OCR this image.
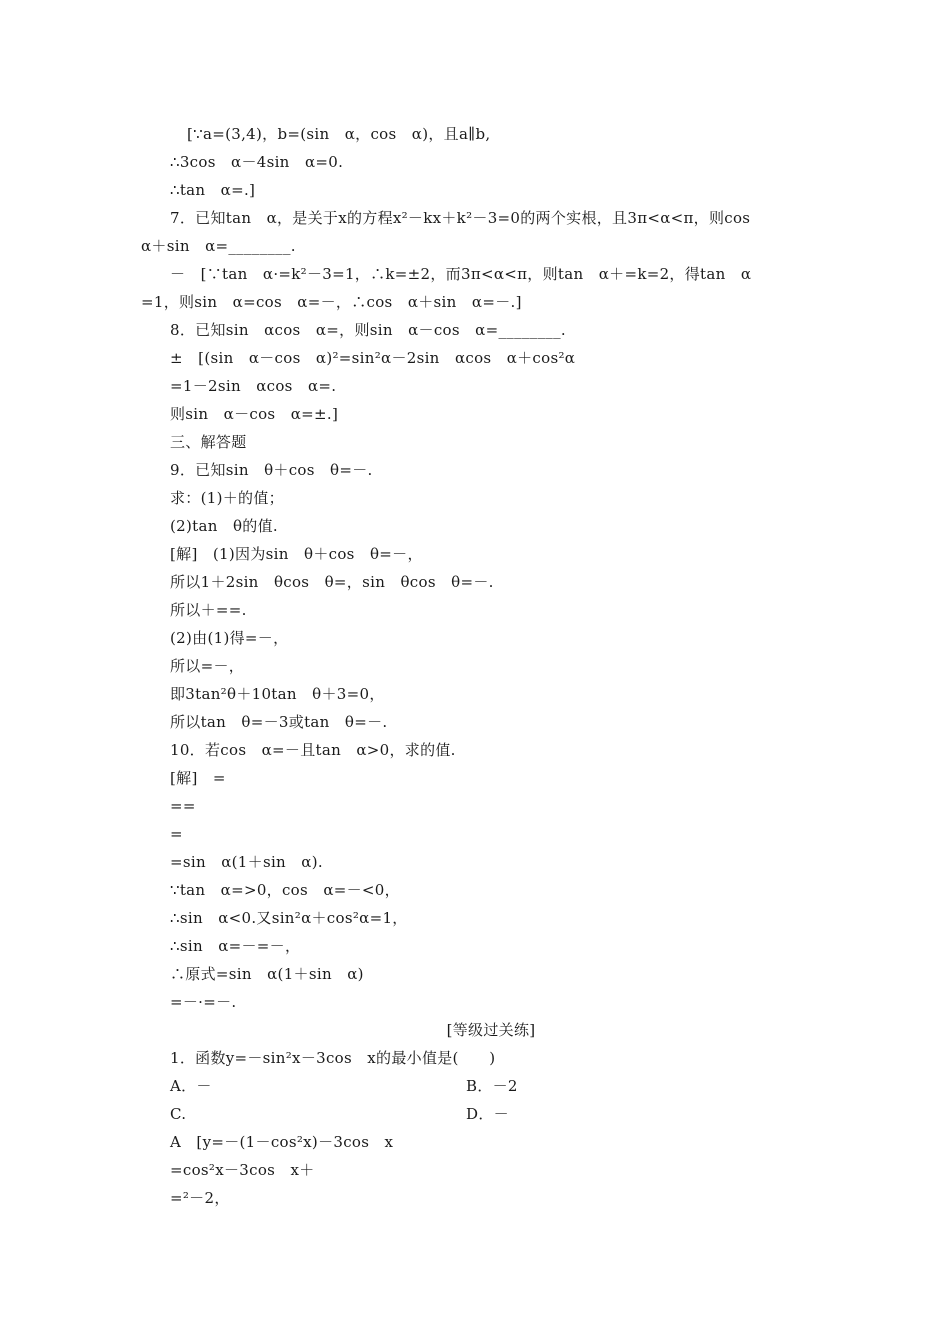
[∵a=(3,4)，b=(sin　α，cos　α)，且a∥b,
∴3cos　α－4sin　α=0.
∴tan　α=.]
7．已知tan　α，是关于x的方程x²－kx＋k²－3=0的两个实根，且3π<α<π，则cos
α＋sin　α=________.
－　[∵tan　α·=k²－3=1，∴k=±2，而3π<α<π，则tan　α＋=k=2，得tan　α
=1，则sin　α=cos　α=－，∴cos　α＋sin　α=－.]
8．已知sin　αcos　α=，则sin　α－cos　α=________.
±　[(sin　α－cos　α)²=sin²α－2sin　αcos　α＋cos²α
=1－2sin　αcos　α=.
则sin　α－cos　α=±.]
三、解答题
9．已知sin　θ＋cos　θ=－.
求：(1)＋的值；
(2)tan　θ的值.
[解]　(1)因为sin　θ＋cos　θ=－，
所以1＋2sin　θcos　θ=，sin　θcos　θ=－.
所以＋==.
(2)由(1)得=－，
所以=－，
即3tan²θ＋10tan　θ＋3=0，
所以tan　θ=－3或tan　θ=－.
10．若cos　α=－且tan　α>0，求的值.
[解]　=
==
=
=sin　α(1＋sin　α).
∵tan　α=>0，cos　α=－<0，
∴sin　α<0.又sin²α＋cos²α=1，
∴sin　α=－=－，
∴原式=sin　α(1＋sin　α)
=－·=－.
[等级过关练]
1．函数y=－sin²x－3cos　x的最小值是(　　)
A．－	B．－2
C.	D．－
A　[y=－(1－cos²x)－3cos　x
=cos²x－3cos　x＋
=²－2，
